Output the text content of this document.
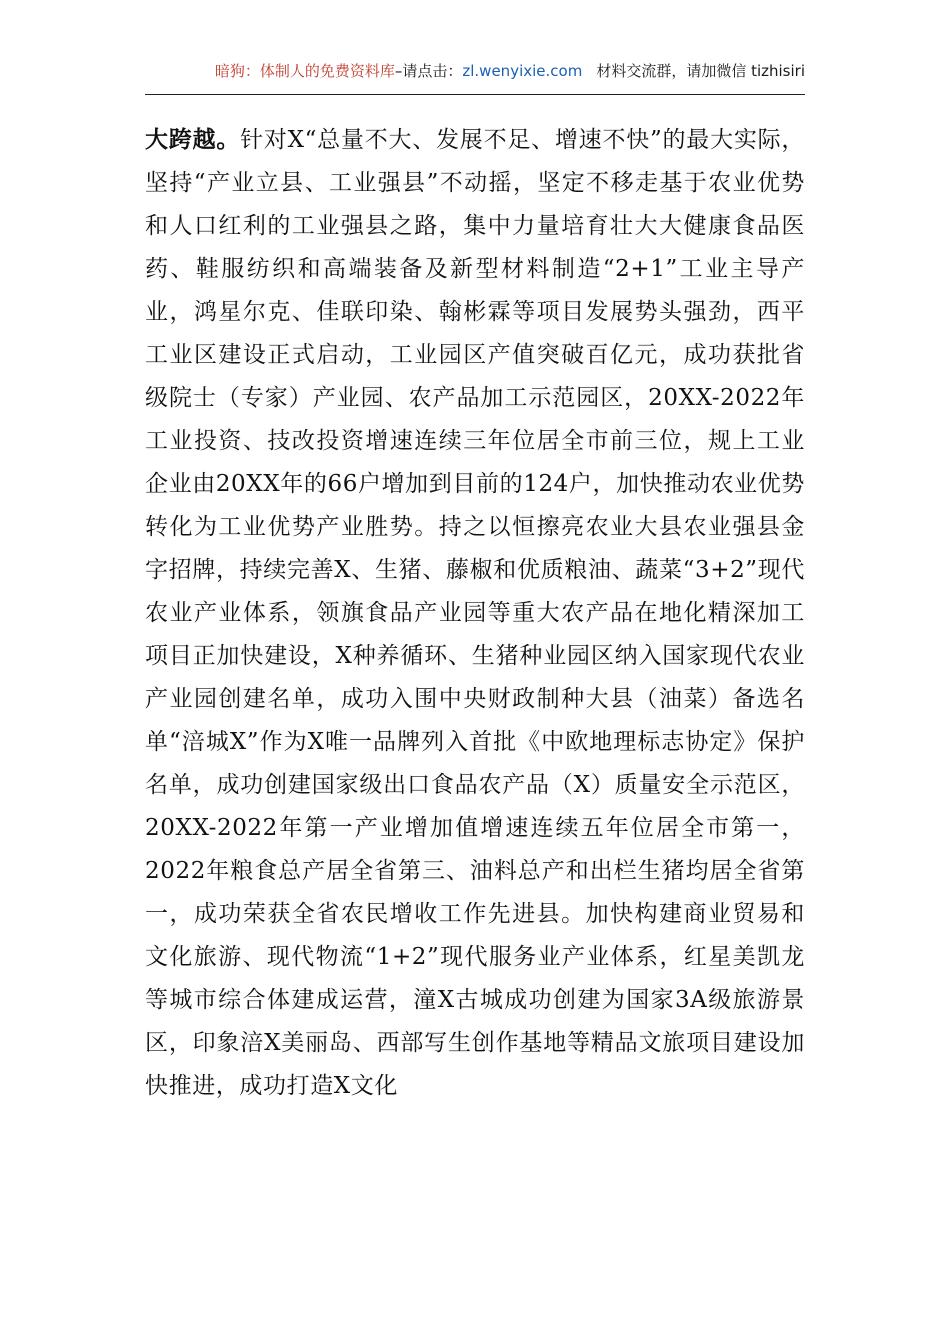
暗狗：体制人的免费资料库–请点击：zl.wenyixie.com 材料交流群，请加微信 tizhisiri

大跨越。针对X“总量不大、发展不足、增速不快”的最大实际，坚持“产业立县、工业强县”不动摇，坚定不移走基于农业优势和人口红利的工业强县之路，集中力量培育壮大大健康食品医药、鞋服纺织和高端装备及新型材料制造“2+1”工业主导产业，鸿星尔克、佳联印染、翰彬霖等项目发展势头强劲，西平工业区建设正式启动，工业园区产值突破百亿元，成功获批省级院士（专家）产业园、农产品加工示范园区，20XX-2022年工业投资、技改投资增速连续三年位居全市前三位，规上工业企业由20XX年的66户增加到目前的124户，加快推动农业优势转化为工业优势产业胜势。持之以恒擦亮农业大县农业强县金字招牌，持续完善X、生猪、藤椒和优质粮油、蔬菜“3+2”现代农业产业体系，领旗食品产业园等重大农产品在地化精深加工项目正加快建设，X种养循环、生猪种业园区纳入国家现代农业产业园创建名单，成功入围中央财政制种大县（油菜）备选名单“涪城X”作为X唯一品牌列入首批《中欧地理标志协定》保护名单，成功创建国家级出口食品农产品（X）质量安全示范区，20XX-2022年第一产业增加值增速连续五年位居全市第一，2022年粮食总产居全省第三、油料总产和出栏生猪均居全省第一，成功荣获全省农民增收工作先进县。加快构建商业贸易和文化旅游、现代物流“1+2”现代服务业产业体系，红星美凯龙等城市综合体建成运营，潼X古城成功创建为国家3A级旅游景区，印象涪X美丽岛、西部写生创作基地等精品文旅项目建设加快推进，成功打造X文化
